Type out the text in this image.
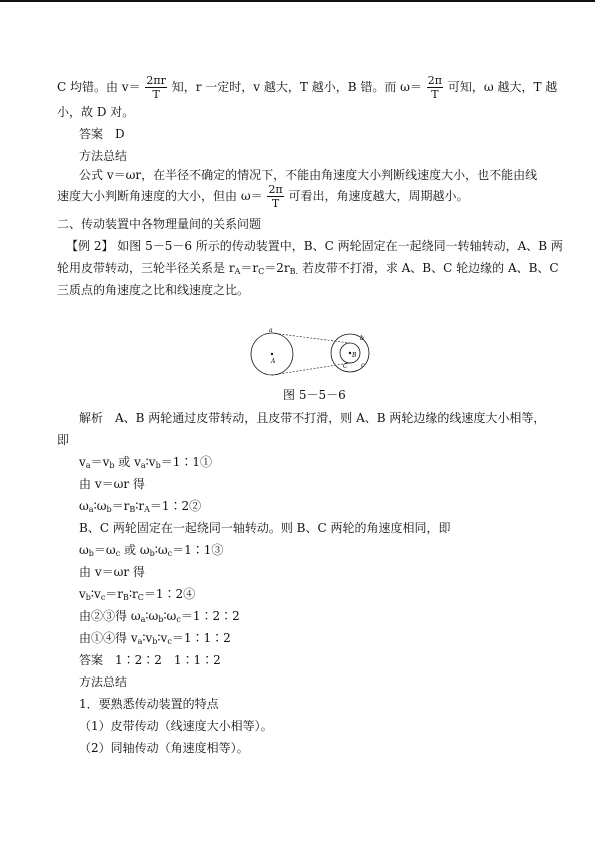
C 均错。由 $v= \frac{2\pi r}{T}$ 知，r 一定时，v 越大，T 越小，B 错。而 $\omega= \frac{2\pi}{T}$ 可知，ω 越大，T 越
小，故 D 对。
答案　D
方法总结
公式 v＝ωr，在半径不确定的情况下，不能由角速度大小判断线速度大小，也不能由线
速度大小判断角速度的大小，但由 $\omega= \frac{2\pi}{T}$ 可看出，角速度越大，周期越小。
二、传动装置中各物理量间的关系问题
【例 2】 如图 5－5－6 所示的传动装置中，B、C 两轮固定在一起绕同一转轴转动，A、B 两
轮用皮带转动，三轮半径关系是 $r_A=r_C=2r_{B.}$ 若皮带不打滑，求 A、B、C 轮边缘的 A、B、C
三质点的角速度之比和线速度之比。
a
A
b
B
c
C
图 5－5－6
解析　A、B 两轮通过皮带转动，且皮带不打滑，则 A、B 两轮边缘的线速度大小相等，
即
$v_a=v_b$ 或 $v_a∶v_b=1∶1①$
由 v＝ωr 得
$\omega_a∶\omega_b=r_B∶r_A=1∶2②$
B、C 两轮固定在一起绕同一轴转动。则 B、C 两轮的角速度相同，即
$\omega_b=\omega_c$ 或 $\omega_b∶\omega_c=1∶1③$
由 v＝ωr 得
$v_b∶v_c=r_B∶r_C=1∶2④$
由②③得 $\omega_a∶\omega_b∶\omega_c=1∶2∶2$
由①④得 $v_a∶v_b∶v_c=1∶1∶2$
答案　1∶2∶2　1∶1∶2
方法总结
1．要熟悉传动装置的特点
（1）皮带传动（线速度大小相等）。
（2）同轴传动（角速度相等）。
